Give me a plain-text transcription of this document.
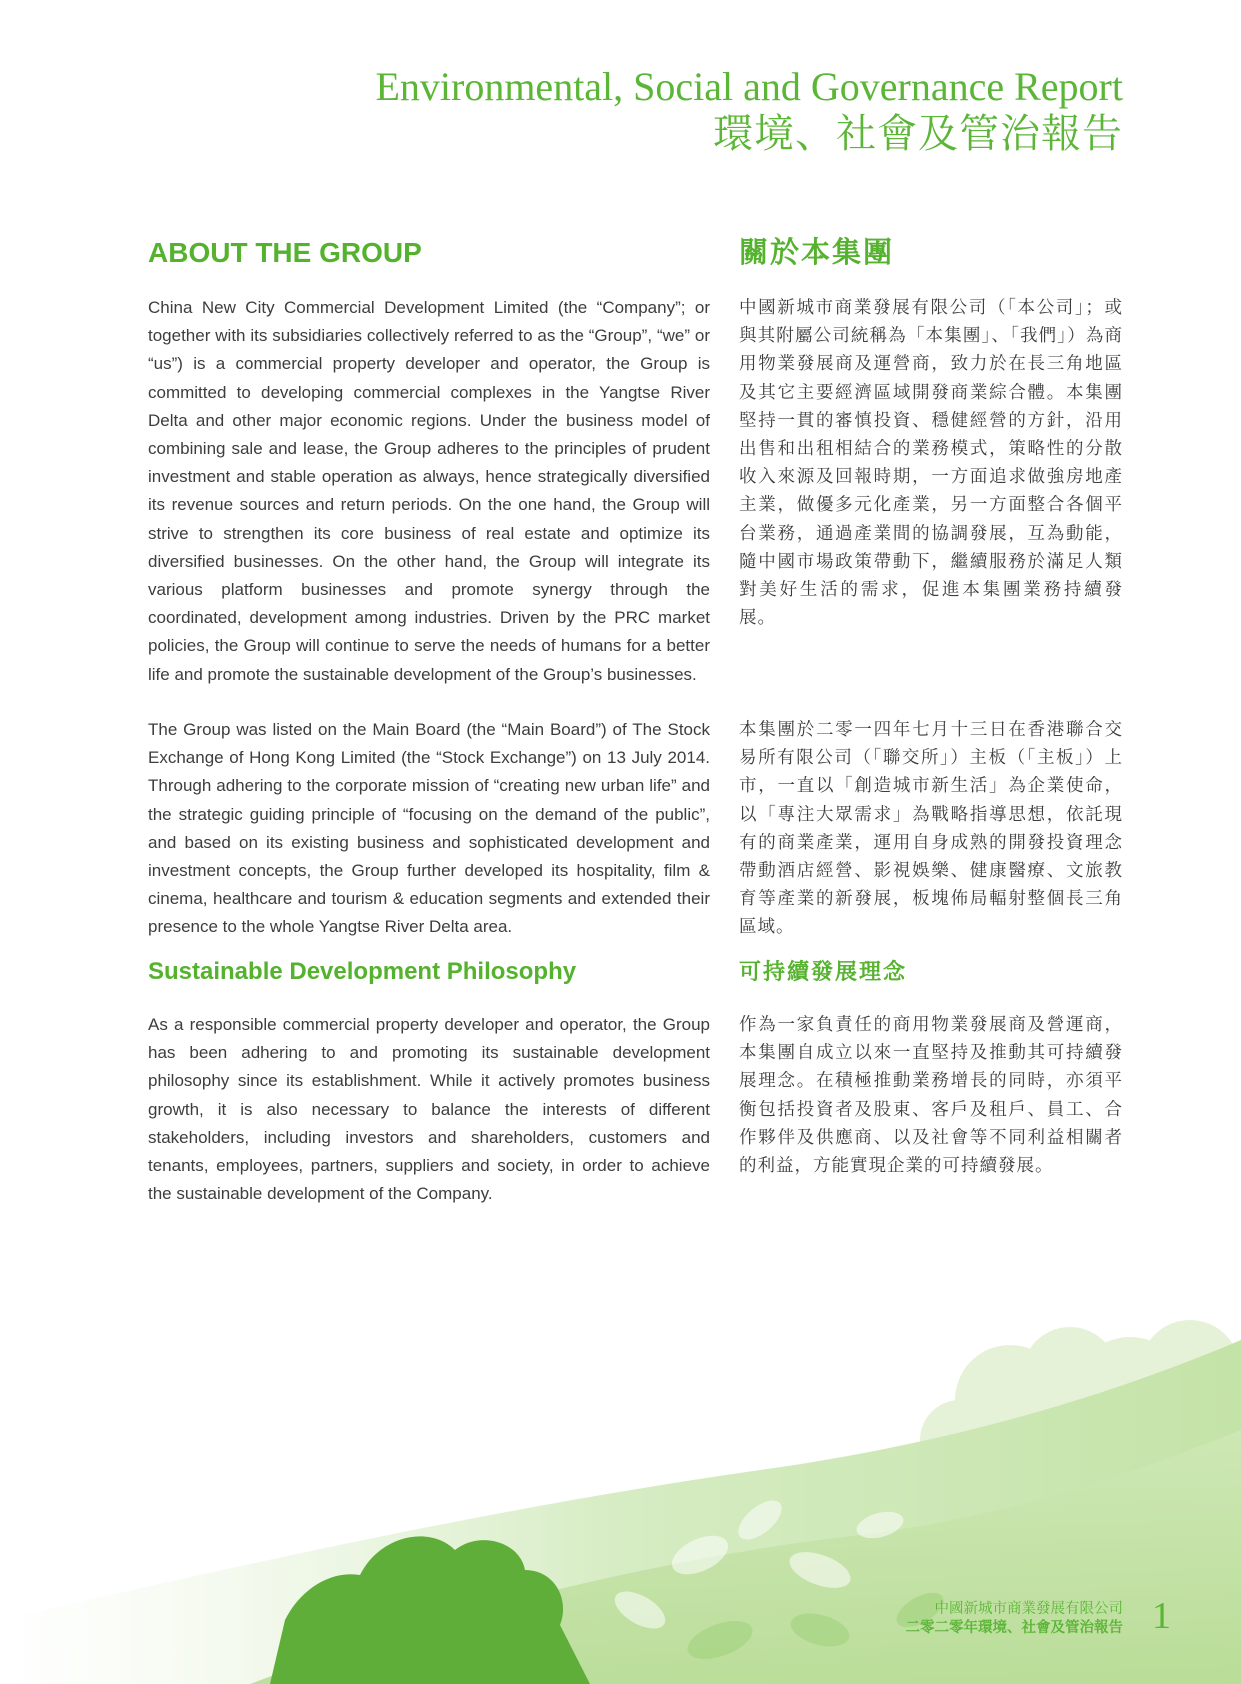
Environmental, Social and Governance Report
環境、社會及管治報告
ABOUT THE GROUP

China New City Commercial Development Limited (the “Company”; or together with its subsidiaries collectively referred to as the “Group”, “we” or “us”) is a commercial property developer and operator, the Group is committed to developing commercial complexes in the Yangtse River Delta and other major economic regions. Under the business model of combining sale and lease, the Group adheres to the principles of prudent investment and stable operation as always, hence strategically diversified its revenue sources and return periods. On the one hand, the Group will strive to strengthen its core business of real estate and optimize its diversified businesses. On the other hand, the Group will integrate its various platform businesses and promote synergy through the coordinated, development among industries. Driven by the PRC market policies, the Group will continue to serve the needs of humans for a better life and promote the sustainable development of the Group’s businesses.

The Group was listed on the Main Board (the “Main Board”) of The Stock Exchange of Hong Kong Limited (the “Stock Exchange”) on 13 July 2014. Through adhering to the corporate mission of “creating new urban life” and the strategic guiding principle of “focusing on the demand of the public”, and based on its existing business and sophisticated development and investment concepts, the Group further developed its hospitality, film & cinema, healthcare and tourism & education segments and extended their presence to the whole Yangtse River Delta area.

Sustainable Development Philosophy

As a responsible commercial property developer and operator, the Group has been adhering to and promoting its sustainable development philosophy since its establishment. While it actively promotes business growth, it is also necessary to balance the interests of different stakeholders, including investors and shareholders, customers and tenants, employees, partners, suppliers and society, in order to achieve the sustainable development of the Company.

關於本集團

中國新城市商業發展有限公司（「本公司」；或與其附屬公司統稱為「本集團」、「我們」）為商用物業發展商及運營商，致力於在長三角地區及其它主要經濟區域開發商業綜合體。本集團堅持一貫的審慎投資、穩健經營的方針，沿用出售和出租相結合的業務模式，策略性的分散收入來源及回報時期，一方面追求做強房地產主業，做優多元化產業，另一方面整合各個平台業務，通過產業間的協調發展，互為動能，隨中國市場政策帶動下，繼續服務於滿足人類對美好生活的需求，促進本集團業務持續發展。

本集團於二零一四年七月十三日在香港聯合交易所有限公司（「聯交所」）主板（「主板」）上市，一直以「創造城市新生活」為企業使命，以「專注大眾需求」為戰略指導思想，依託現有的商業產業，運用自身成熟的開發投資理念帶動酒店經營、影視娛樂、健康醫療、文旅教育等產業的新發展，板塊佈局輻射整個長三角區域。

可持續發展理念

作為一家負責任的商用物業發展商及營運商，本集團自成立以來一直堅持及推動其可持續發展理念。在積極推動業務增長的同時，亦須平衡包括投資者及股東、客戶及租戶、員工、合作夥伴及供應商、以及社會等不同利益相關者的利益，方能實現企業的可持續發展。

中國新城市商業發展有限公司
二零二零年環境、社會及管治報告 1
